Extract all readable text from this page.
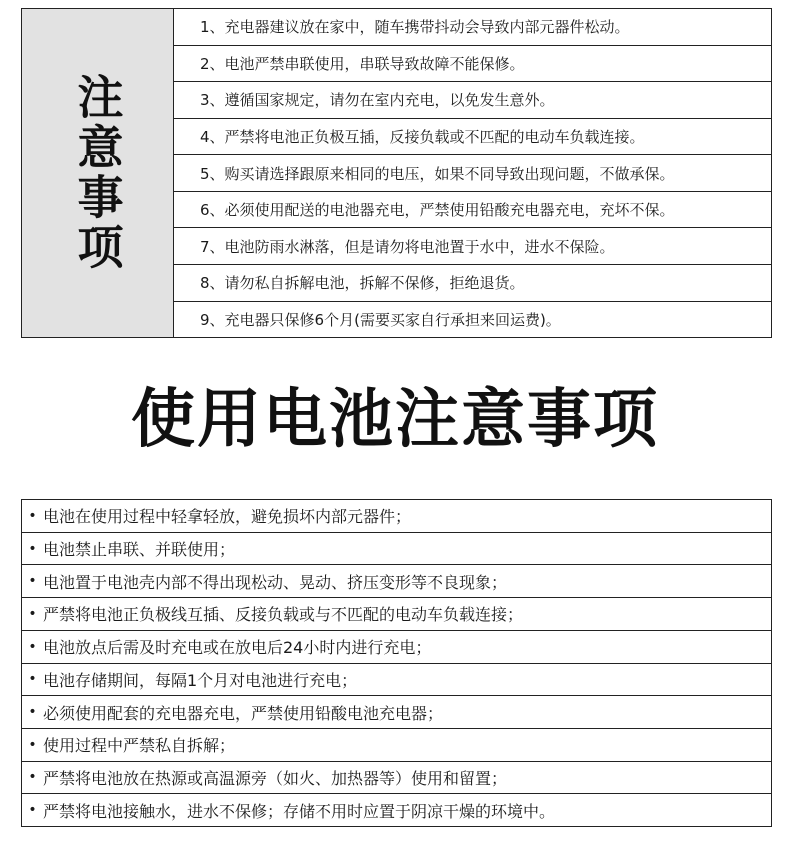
注意事项
1、充电器建议放在家中，随车携带抖动会导致内部元器件松动。
2、电池严禁串联使用，串联导致故障不能保修。
3、遵循国家规定，请勿在室内充电，以免发生意外。
4、严禁将电池正负极互插，反接负载或不匹配的电动车负载连接。
5、购买请选择跟原来相同的电压，如果不同导致出现问题，不做承保。
6、必须使用配送的电池器充电，严禁使用铅酸充电器充电，充坏不保。
7、电池防雨水淋落，但是请勿将电池置于水中，进水不保险。
8、请勿私自拆解电池，拆解不保修，拒绝退货。
9、充电器只保修6个月(需要买家自行承担来回运费)。
使用电池注意事项
• 电池在使用过程中轻拿轻放，避免损坏内部元器件；
• 电池禁止串联、并联使用；
• 电池置于电池壳内部不得出现松动、晃动、挤压变形等不良现象；
• 严禁将电池正负极线互插、反接负载或与不匹配的电动车负载连接；
• 电池放点后需及时充电或在放电后24小时内进行充电；
• 电池存储期间，每隔1个月对电池进行充电；
• 必须使用配套的充电器充电，严禁使用铅酸电池充电器；
• 使用过程中严禁私自拆解；
• 严禁将电池放在热源或高温源旁（如火、加热器等）使用和留置；
• 严禁将电池接触水，进水不保修；存储不用时应置于阴凉干燥的环境中。
